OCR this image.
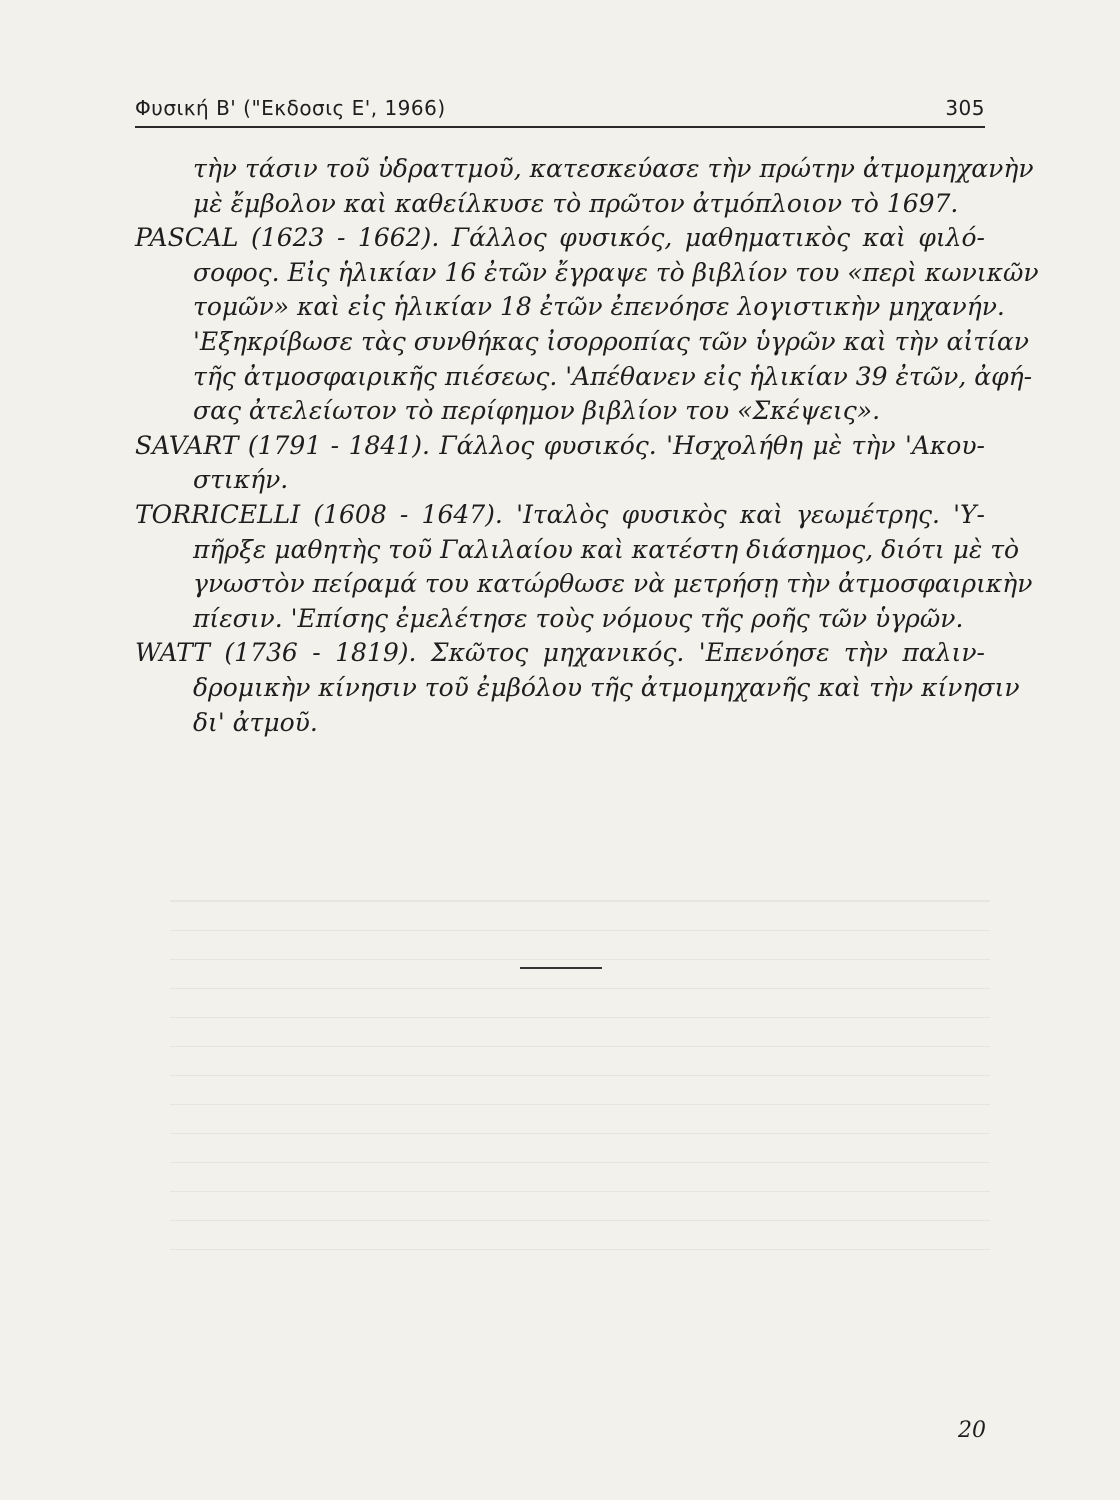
Φυσική Β' ("Εκδοσις Ε', 1966)	305
τὴν τάσιν τοῦ ὑδραττμοῦ, κατεσκεύασε τὴν πρώτην ἀτμομηχανὴν
μὲ ἔμβολον καὶ καθείλκυσε τὸ πρῶτον ἀτμόπλοιον τὸ 1697.
PASCAL (1623 - 1662). Γάλλος φυσικός, μαθηματικὸς καὶ φιλό-
σοφος. Εἰς ἡλικίαν 16 ἐτῶν ἔγραψε τὸ βιβλίον του «περὶ κωνικῶν
τομῶν» καὶ εἰς ἡλικίαν 18 ἐτῶν ἐπενόησε λογιστικὴν μηχανήν.
'Εξηκρίβωσε τὰς συνθήκας ἰσορροπίας τῶν ὑγρῶν καὶ τὴν αἰτίαν
τῆς ἀτμοσφαιρικῆς πιέσεως. 'Απέθανεν εἰς ἡλικίαν 39 ἐτῶν, ἀφή-
σας ἀτελείωτον τὸ περίφημον βιβλίον του «Σκέψεις».
SAVART (1791 - 1841). Γάλλος φυσικός. 'Ησχολήθη μὲ τὴν 'Ακου-
στικήν.
TORRICELLI (1608 - 1647). 'Ιταλὸς φυσικὸς καὶ γεωμέτρης. 'Υ-
πῆρξε μαθητὴς τοῦ Γαλιλαίου καὶ κατέστη διάσημος, διότι μὲ τὸ
γνωστὸν πείραμά του κατώρθωσε νὰ μετρήσῃ τὴν ἀτμοσφαιρικὴν
πίεσιν. 'Επίσης ἐμελέτησε τοὺς νόμους τῆς ροῆς τῶν ὑγρῶν.
WATT (1736 - 1819). Σκῶτος μηχανικός. 'Επενόησε τὴν παλιν-
δρομικὴν κίνησιν τοῦ ἐμβόλου τῆς ἀτμομηχανῆς καὶ τὴν κίνησιν
δι' ἀτμοῦ.
20
